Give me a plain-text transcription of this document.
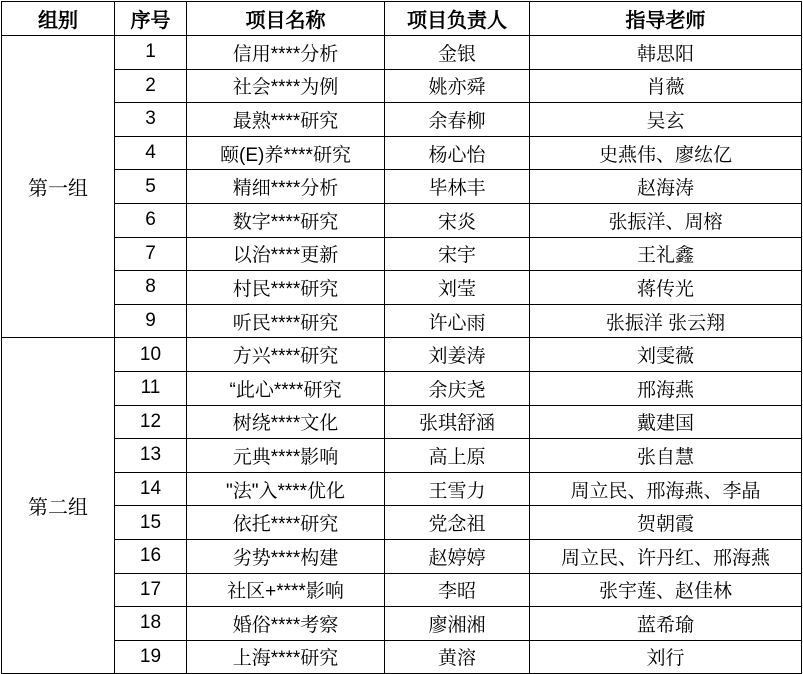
组别	序号	项目名称	项目负责人	指导老师
第一组	1	信用****分析	金银	韩思阳
	2	社会****为例	姚亦舜	肖薇
	3	最熟****研究	余春柳	吴玄
	4	颐(E)养****研究	杨心怡	史燕伟、廖纮亿
	5	精细****分析	毕林丰	赵海涛
	6	数字****研究	宋炎	张振洋、周榕
	7	以治****更新	宋宇	王礼鑫
	8	村民****研究	刘莹	蒋传光
	9	听民****研究	许心雨	张振洋 张云翔
第二组	10	方兴****研究	刘姜涛	刘雯薇
	11	“此心****研究	余庆尧	邢海燕
	12	树绕****文化	张琪舒涵	戴建国
	13	元典****影响	高上原	张自慧
	14	"法"入****优化	王雪力	周立民、邢海燕、李晶
	15	依托****研究	党念祖	贺朝霞
	16	劣势****构建	赵婷婷	周立民、许丹红、邢海燕
	17	社区+****影响	李昭	张宇莲、赵佳林
	18	婚俗****考察	廖湘湘	蓝希瑜
	19	上海****研究	黄溶	刘行
